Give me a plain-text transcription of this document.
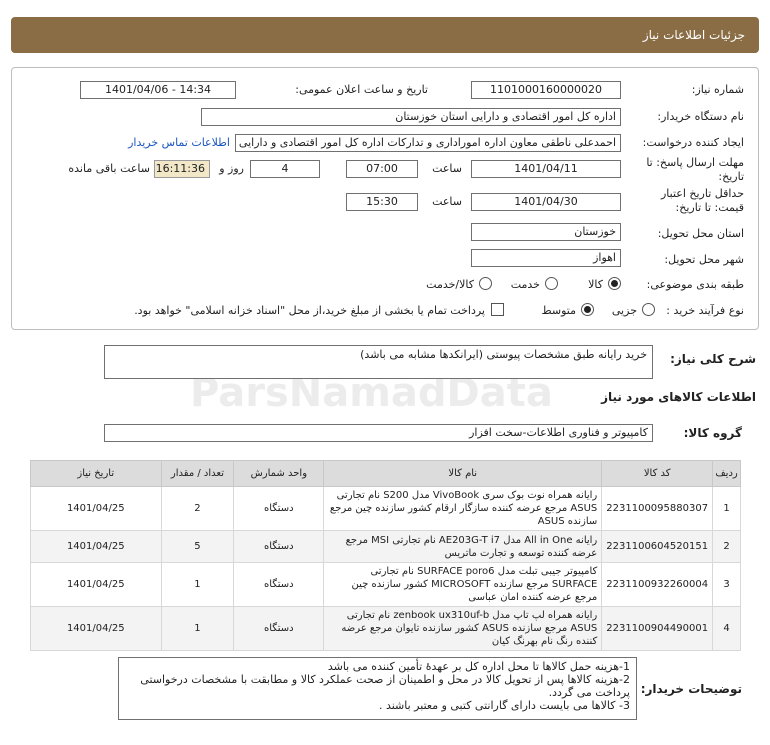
جزئیات اطلاعات نیاز
ParsNamadData
شماره نیاز:
1101000160000020
تاریخ و ساعت اعلان عمومی:
1401/04/06 - 14:34
نام دستگاه خریدار:
اداره کل امور اقتصادی و دارایی استان خوزستان
ایجاد کننده درخواست:
احمدعلی ناطقی معاون اداره امورادارى و تداركات اداره كل امور اقتصادى و دارايى
اطلاعات تماس خریدار
مهلت ارسال پاسخ: تا
تاریخ:
1401/04/11
ساعت
07:00
4
روز و
16:11:36
ساعت باقی مانده
حداقل تاریخ اعتبار
قیمت: تا تاریخ:
1401/04/30
ساعت
15:30
استان محل تحویل:
خوزستان
شهر محل تحویل:
اهواز
طبقه بندی موضوعی:
کالا
خدمت
کالا/خدمت
نوع فرآیند خرید :
جزیی
متوسط
پرداخت تمام یا بخشی از مبلغ خرید،از محل "اسناد خزانه اسلامی" خواهد بود.
شرح کلی نیاز:
خرید رایانه طبق مشخصات پیوستی (ایرانکدها مشابه می باشد)
اطلاعات کالاهای مورد نیاز
گروه کالا:
کامپیوتر و فناوری اطلاعات-سخت افزار
ردیف	کد کالا	نام کالا	واحد شمارش	تعداد / مقدار	تاریخ نیاز
1	2231100095880307	رایانه همراه نوت بوک سری VivoBook مدل S200 نام تجارتی ASUS مرجع عرضه کننده سازگار ارقام کشور سازنده چین مرجع سازنده ASUS	دستگاه	2	1401/04/25
2	2231100604520151	رایانه All in One مدل AE203G-T i7 نام تجارتی MSI مرجع عرضه کننده توسعه و تجارت ماتریس	دستگاه	5	1401/04/25
3	2231100932260004	کامپیوتر جیبی تبلت مدل SURFACE poro6 نام تجارتی SURFACE مرجع سازنده MICROSOFT کشور سازنده چین مرجع عرضه کننده امان عباسی	دستگاه	1	1401/04/25
4	2231100904490001	رایانه همراه لپ تاپ مدل zenbook ux310uf-b نام تجارتی ASUS مرجع سازنده ASUS کشور سازنده تایوان مرجع عرضه کننده رنگ نام بهرنگ کیان	دستگاه	1	1401/04/25
توضیحات خریدار:
1-هزینه حمل کالاها تا محل اداره کل بر عهدهٔ تأمین کننده می باشد
2-هزینه کالاها پس از تحویل کالا در محل و اطمینان از صحت عملکرد کالا و مطابقت با مشخصات درخواستی پرداخت می گردد.
3- کالاها می بایست دارای گارانتی کتبی و معتبر باشند .
